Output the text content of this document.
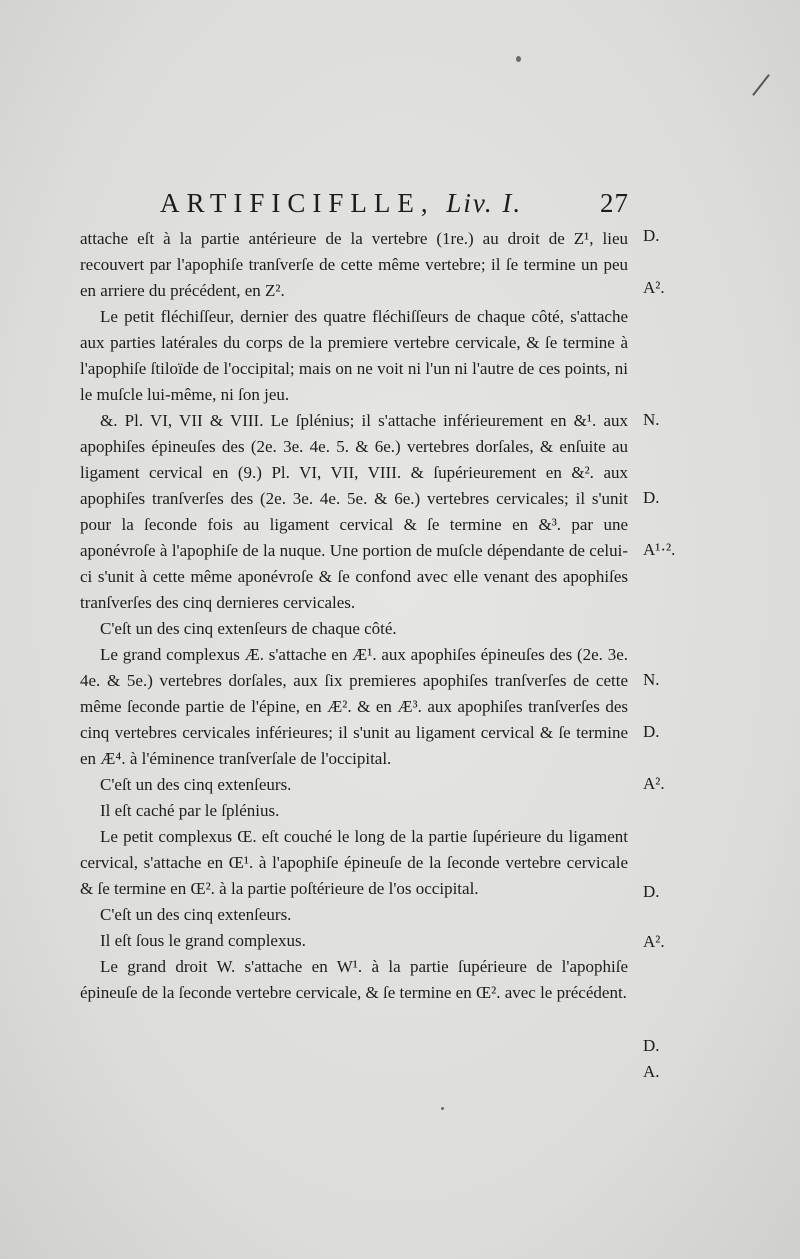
ARTIFICIFLLE, Liv. I.	27

attache eſt à la partie antérieure de la vertebre (1re.) au droit de Z¹, lieu recouvert par l'apophiſe tranſverſe de cette même vertebre; il ſe termine un peu en arriere du précédent, en Z².

Le petit fléchiſſeur, dernier des quatre fléchiſſeurs de chaque côté, s'attache aux parties latérales du corps de la premiere vertebre cervicale, & ſe termine à l'apophiſe ſtiloïde de l'occipital; mais on ne voit ni l'un ni l'autre de ces points, ni le muſcle lui-même, ni ſon jeu.

&. Pl. VI, VII & VIII. Le ſplénius; il s'attache inférieurement en &¹. aux apophiſes épineuſes des (2e. 3e. 4e. 5. & 6e.) vertebres dorſales, & enſuite au ligament cervical en (9.) Pl. VI, VII, VIII. & ſupérieurement en &². aux apophiſes tranſverſes des (2e. 3e. 4e. 5e. & 6e.) vertebres cervicales; il s'unit pour la ſeconde fois au ligament cervical & ſe termine en &³. par une aponévroſe à l'apophiſe de la nuque. Une portion de muſcle dépendante de celui-ci s'unit à cette même aponévroſe & ſe confond avec elle venant des apophiſes tranſverſes des cinq dernieres cervicales.

C'eſt un des cinq extenſeurs de chaque côté.

Le grand complexus Æ. s'attache en Æ¹. aux apophiſes épineuſes des (2e. 3e. 4e. & 5e.) vertebres dorſales, aux ſix premieres apophiſes tranſverſes de cette même ſeconde partie de l'épine, en Æ². & en Æ³. aux apophiſes tranſverſes des cinq vertebres cervicales inférieures; il s'unit au ligament cervical & ſe termine en Æ⁴. à l'éminence tranſverſale de l'occipital.

C'eſt un des cinq extenſeurs.

Il eſt caché par le ſplénius.

Le petit complexus Œ. eſt couché le long de la partie ſupérieure du ligament cervical, s'attache en Œ¹. à l'apophiſe épineuſe de la ſeconde vertebre cervicale & ſe termine en Œ². à la partie poſtérieure de l'os occipital.

C'eſt un des cinq extenſeurs.

Il eſt ſous le grand complexus.

Le grand droit W. s'attache en W¹. à la partie ſupérieure de l'apophiſe épineuſe de la ſeconde vertebre cervicale, & ſe termine en Œ². avec le précédent.

D.
A².
N.
D.
A¹·².
N.
D.
A².
D.
A².
D.
A.
